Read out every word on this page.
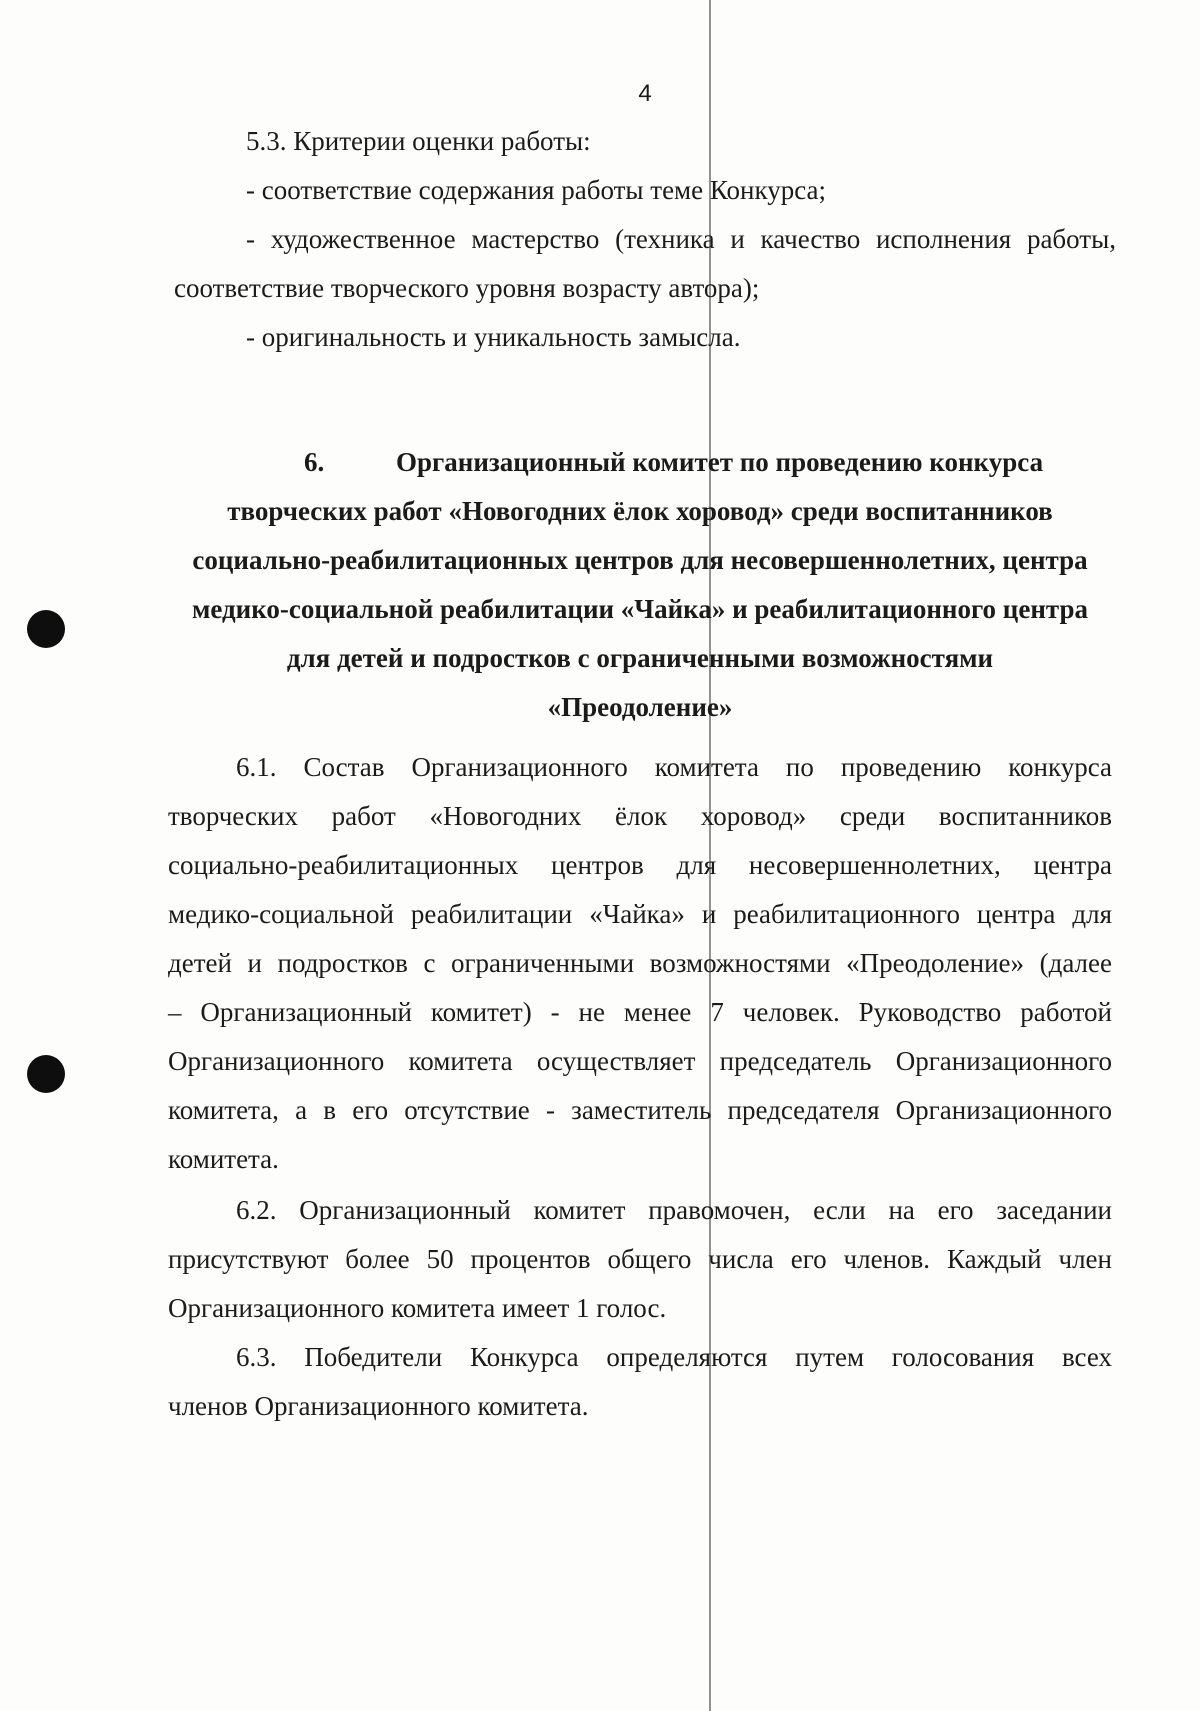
4
5.3. Критерии оценки работы:
- соответствие содержания работы теме Конкурса;
- художественное мастерство (техника и качество исполнения работы,
соответствие творческого уровня возрасту автора);
- оригинальность и уникальность замысла.
6.	Организационный комитет по проведению конкурса
творческих работ «Новогодних ёлок хоровод» среди воспитанников
социально-реабилитационных центров для несовершеннолетних, центра
медико-социальной реабилитации «Чайка» и реабилитационного центра
для детей и подростков с ограниченными возможностями
«Преодоление»
6.1. Состав Организационного комитета по проведению конкурса
творческих работ «Новогодних ёлок хоровод» среди воспитанников
социально-реабилитационных центров для несовершеннолетних, центра
медико-социальной реабилитации «Чайка» и реабилитационного центра для
детей и подростков с ограниченными возможностями «Преодоление» (далее
– Организационный комитет) - не менее 7 человек. Руководство работой
Организационного комитета осуществляет председатель Организационного
комитета, а в его отсутствие - заместитель председателя Организационного
комитета.
6.2. Организационный комитет правомочен, если на его заседании
присутствуют более 50 процентов общего числа его членов. Каждый член
Организационного комитета имеет 1 голос.
6.3. Победители Конкурса определяются путем голосования всех
членов Организационного комитета.
